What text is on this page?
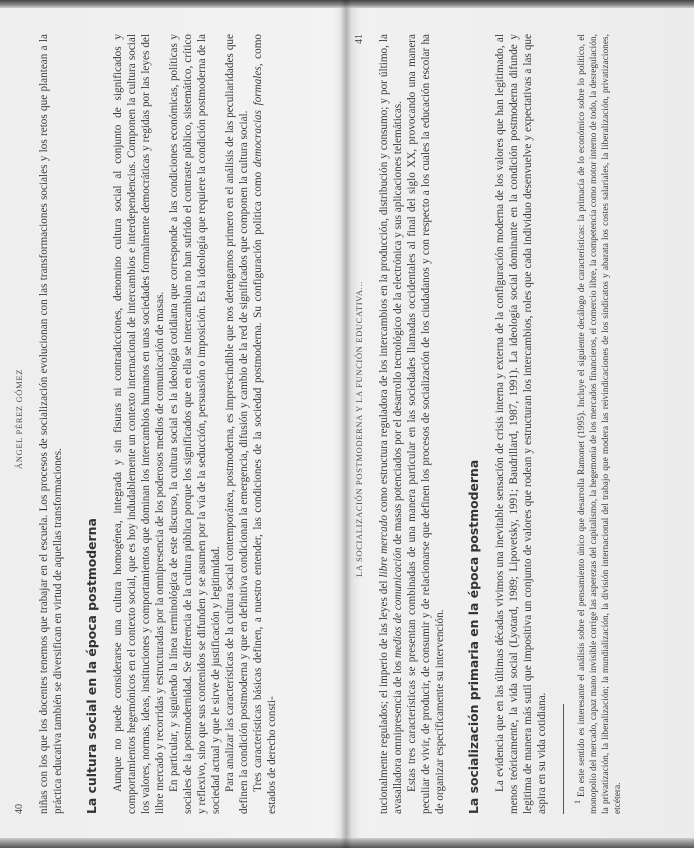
40
ÁNGEL PÉREZ GÓMEZ niñas con los que los docentes tenemos que trabajar en el escuela. Los procesos de socialización evolucionan con las transformaciones sociales y los retos que plantean a la práctica educativa también se diversifican en virtud de aquellas transformaciones. La cultura social en la época postmoderna Aunque no puede considerarse una cultura homogénea, integrada y sin fisuras ni contradicciones, denomino cultura social al conjunto de significados y comportamientos hegemónicos en el contexto social, que es hoy indudablemente un contexto internacional de intercambios e interdependencias. Componen la cultura social los valores, normas, ideas, instituciones y comportamientos que dominan los intercambios humanos en unas sociedades formalmente democráticas y regidas por las leyes del libre mercado y recorridas y estructuradas por la omnipresencia de los poderosos medios de comunicación de masas. En particular, y siguiendo la línea terminológica de este discurso, la cultura social es la ideología cotidiana que corresponde a las condiciones económicas, políticas y sociales de la postmodernidad. Se diferencia de la cultura pública porque los significados que en ella se intercambian no han sufrido el contraste público, sistemático, crítico y reflexivo, sino que sus contenidos se difunden y se asumen por la vía de la seducción, persuasión o imposición. Es la ideología que requiere la condición postmoderna de la sociedad actual y que le sirve de justificación y legitimidad. Para analizar las características de la cultura social contemporánea, postmoderna, es imprescindible que nos detengamos primero en el análisis de las peculiaridades que definen la condición postmoderna y que en definitiva condicionan la emergencia, difusión y cambio de la red de significados que componen la cultura social. Tres características básicas definen, a nuestro entender, las condiciones de la sociedad postmoderna. Su configuración política como democracias formales, como estados de derecho consti-

LA SOCIALIZACIÓN POSTMODERNA Y LA FUNCIÓN EDUCATIVA...
41

tucionalmente regulados; el imperio de las leyes del libre mercado como estructura reguladora de los intercambios en la producción, distribución y consumo; y por último, la avasalladora omnipresencia de los medios de comunicación de masas potenciados por el desarrollo tecnológico de la electrónica y sus aplicaciones telemáticas. Estas tres características se presentan combinadas de una manera particular en las sociedades llamadas occidentales al final del siglo XX, provocando una manera peculiar de vivir, de producir, de consumir y de relacionarse que definen los procesos de socialización de los ciudadanos y con respecto a los cuales la educación escolar ha de organizar específicamente su intervención. La socialización primaria en la época postmoderna La evidencia que en las últimas décadas vivimos una inevitable sensación de crisis interna y externa de la configuración moderna de los valores que han legitimado, al menos teóricamente, la vida social (Lyotard, 1989; Lipovetsky, 1991; Baudrillard, 1987, 1991). La ideología social dominante en la condición postmoderna difunde y legitima de manera más sutil que impositiva un conjunto de valores que rodean y estructuran los intercambios, roles que cada individuo desenvuelve y expectativas a las que aspira en su vida cotidiana.	1En este sentido es interesante el análisis sobre el pensamiento único que desarrolla Ramonet (1995). Incluye el siguiente decálogo de características: la primacía de lo económico sobre lo político, el monopolio del mercado, capaz mano invisible corrige las asperezas del capitalismo, la hegemonía de los mercados financieros, el comercio libre, la competencia como motor interno de todo, la desregulación, la privatización, la liberalización; la mundialización, la división internacional del trabajo que modera las reivindicaciones de los sindicatos y abarata los costes salariales, la liberalización, privatizaciones, etcétera.
